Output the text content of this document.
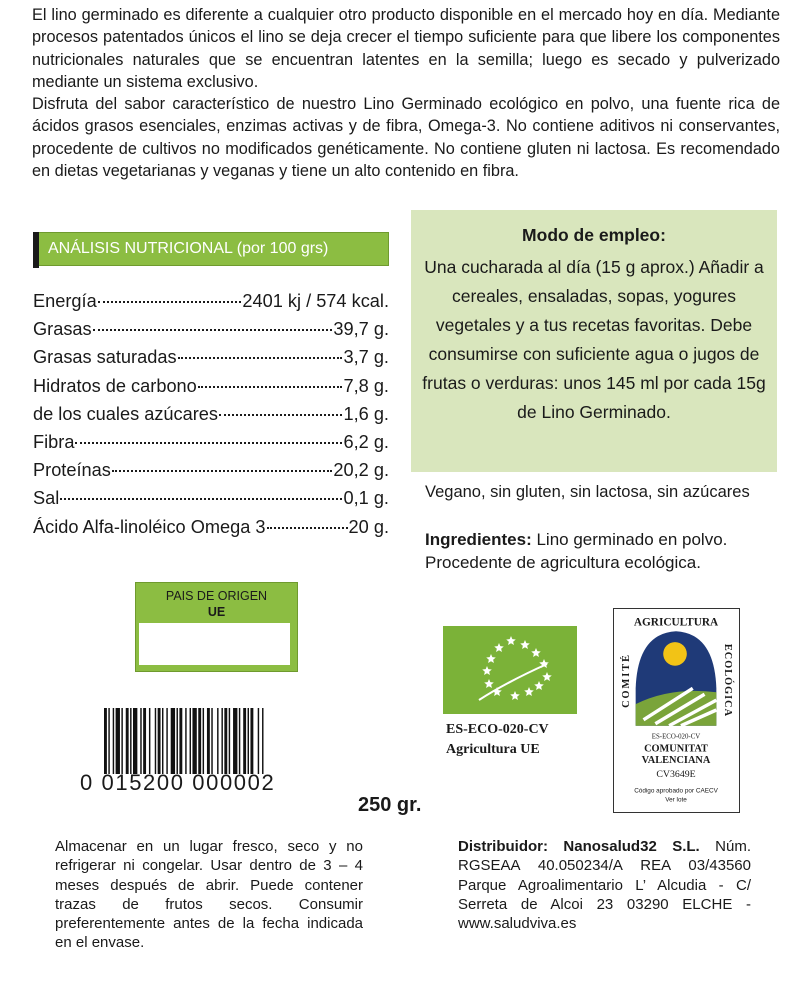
El lino germinado es diferente a cualquier otro producto disponible en el mercado hoy en día. Mediante procesos patentados únicos el lino se deja crecer el tiempo suficiente para que libere los componentes nutricionales naturales que se encuentran latentes en la semilla; luego es secado y pulverizado mediante un sistema exclusivo.

Disfruta del sabor característico de nuestro Lino Germinado ecológico en polvo, una fuente rica de ácidos grasos esenciales, enzimas activas y de fibra, Omega-3. No contiene aditivos ni conservantes, procedente de cultivos no modificados genéticamente. No contiene gluten ni lactosa. Es recomendado en dietas vegetarianas y veganas y tiene un alto contenido en fibra.

Modo de empleo:
Una cucharada al día (15 g aprox.) Añadir a cereales, ensaladas, sopas, yogures vegetales y a tus recetas favoritas. Debe consumirse con suficiente agua o jugos de frutas o verduras: unos 145 ml por cada 15g de Lino Germinado.
ANÁLISIS NUTRICIONAL (por 100 grs)
Energía	2401 kj / 574 kcal.
Grasas	39,7 g.
Grasas saturadas	3,7 g.
Hidratos de carbono	7,8 g.
de los cuales azúcares	1,6 g.
Fibra	6,2 g.
Proteínas	20,2 g.
Sal	0,1 g.
Ácido Alfa-linoléico Omega 3	20 g.
Vegano, sin gluten, sin lactosa, sin azúcares
Ingredientes: Lino germinado en polvo. Procedente de agricultura ecológica.
PAIS DE ORIGEN
UE
ES-ECO-020-CV
Agricultura UE
AGRICULTURA
ECOLÓGICA
COMITÉ
ES-ECO-020-CV
COMUNITAT
VALENCIANA
CV3649E
Código aprobado por CAECV
Ver lote
0 015200 000002
250 gr.
Almacenar en un lugar fresco, seco y no refrigerar ni congelar. Usar dentro de 3 – 4 meses después de abrir. Puede contener trazas de frutos secos. Consumir preferentemente antes de la fecha indicada en el envase.
Distribuidor: Nanosalud32 S.L. Núm. RGSEAA 40.050234/A REA 03/43560 Parque Agroalimentario L’ Alcudia - C/ Serreta de Alcoi 23 03290 ELCHE - www.saludviva.es
